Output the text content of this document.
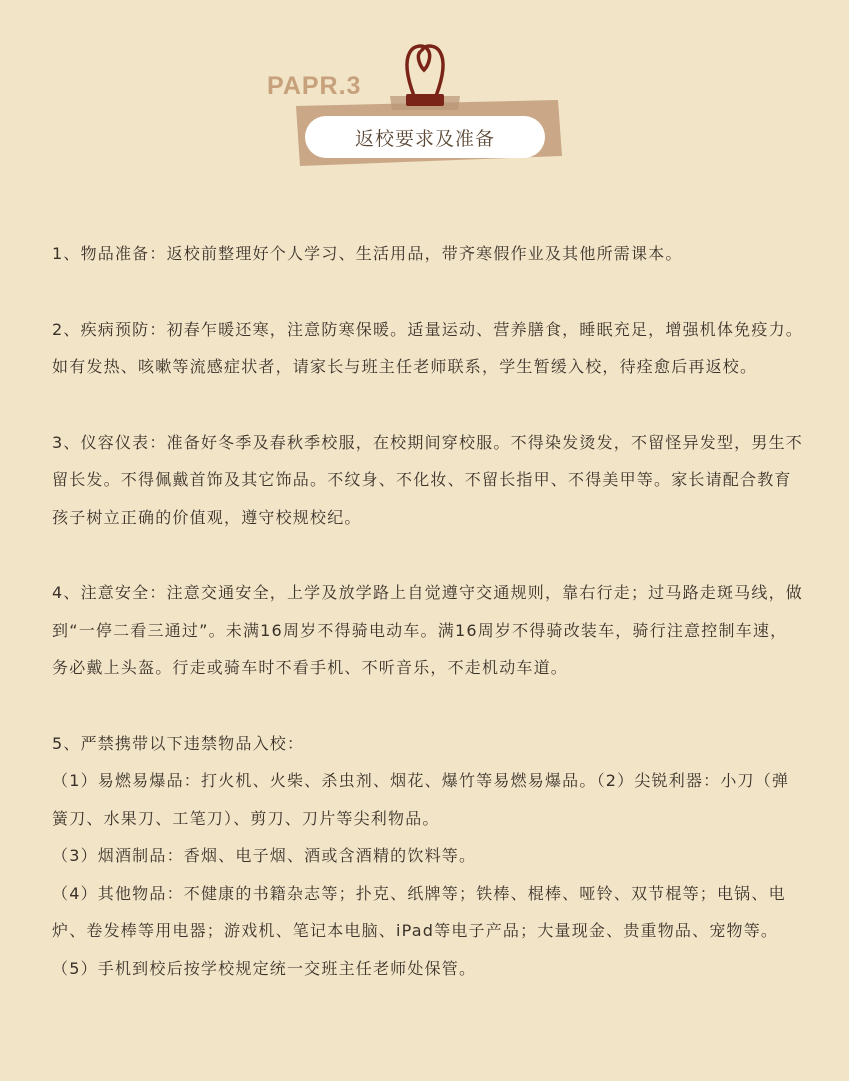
PAPR.3
返校要求及准备

1、物品准备：返校前整理好个人学习、生活用品，带齐寒假作业及其他所需课本。

2、疾病预防：初春乍暖还寒，注意防寒保暖。适量运动、营养膳食，睡眠充足，增强机体免疫力。如有发热、咳嗽等流感症状者，请家长与班主任老师联系，学生暂缓入校，待痊愈后再返校。

3、仪容仪表：准备好冬季及春秋季校服，在校期间穿校服。不得染发烫发，不留怪异发型，男生不留长发。不得佩戴首饰及其它饰品。不纹身、不化妆、不留长指甲、不得美甲等。家长请配合教育孩子树立正确的价值观，遵守校规校纪。

4、注意安全：注意交通安全，上学及放学路上自觉遵守交通规则，靠右行走；过马路走斑马线，做到“一停二看三通过”。未满16周岁不得骑电动车。满16周岁不得骑改装车，骑行注意控制车速，务必戴上头盔。行走或骑车时不看手机、不听音乐，不走机动车道。

5、严禁携带以下违禁物品入校：

（1）易燃易爆品：打火机、火柴、杀虫剂、烟花、爆竹等易燃易爆品。（2）尖锐利器：小刀（弹簧刀、水果刀、工笔刀）、剪刀、刀片等尖利物品。

（3）烟酒制品：香烟、电子烟、酒或含酒精的饮料等。

（4）其他物品：不健康的书籍杂志等；扑克、纸牌等；铁棒、棍棒、哑铃、双节棍等；电锅、电炉、卷发棒等用电器；游戏机、笔记本电脑、iPad等电子产品；大量现金、贵重物品、宠物等。

（5）手机到校后按学校规定统一交班主任老师处保管。
